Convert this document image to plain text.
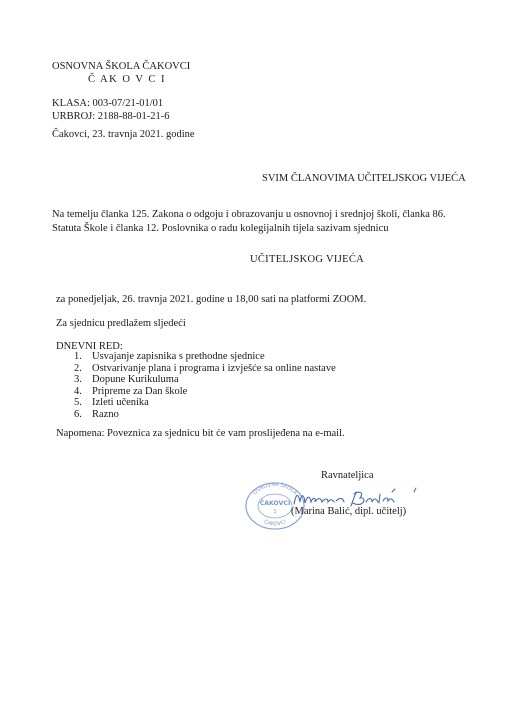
OSNOVNA ŠKOLA ČAKOVCI
Č AK O V C I
KLASA: 003-07/21-01/01
URBROJ: 2188-88-01-21-6
Čakovci, 23. travnja 2021. godine
SVIM ČLANOVIMA UČITELJSKOG VIJEĆA
Na temelju članka 125. Zakona o odgoju i obrazovanju u osnovnoj i srednjoj školi, članka 86. Statuta Škole i članka 12. Poslovnika o radu kolegijalnih tijela sazivam sjednicu
UČITELJSKOG VIJEĆA
za ponedjeljak, 26. travnja 2021. godine u 18,00 sati na platformi ZOOM.
Za sjednicu predlažem sljedeći
DNEVNI RED:
1. Usvajanje zapisnika s prethodne sjednice
2. Ostvarivanje plana i programa i izvješće sa online nastave
3. Dopune Kurikuluma
4. Pripreme za Dan škole
5. Izleti učenika
6. Razno
Napomena: Poveznica za sjednicu bit će vam proslijeđena na e-mail.
Ravnateljica
OSNOVNA ŠKOLA
ČAKOVCI
ČAKOVCI
1 (Marina Balić, dipl. učitelj)
